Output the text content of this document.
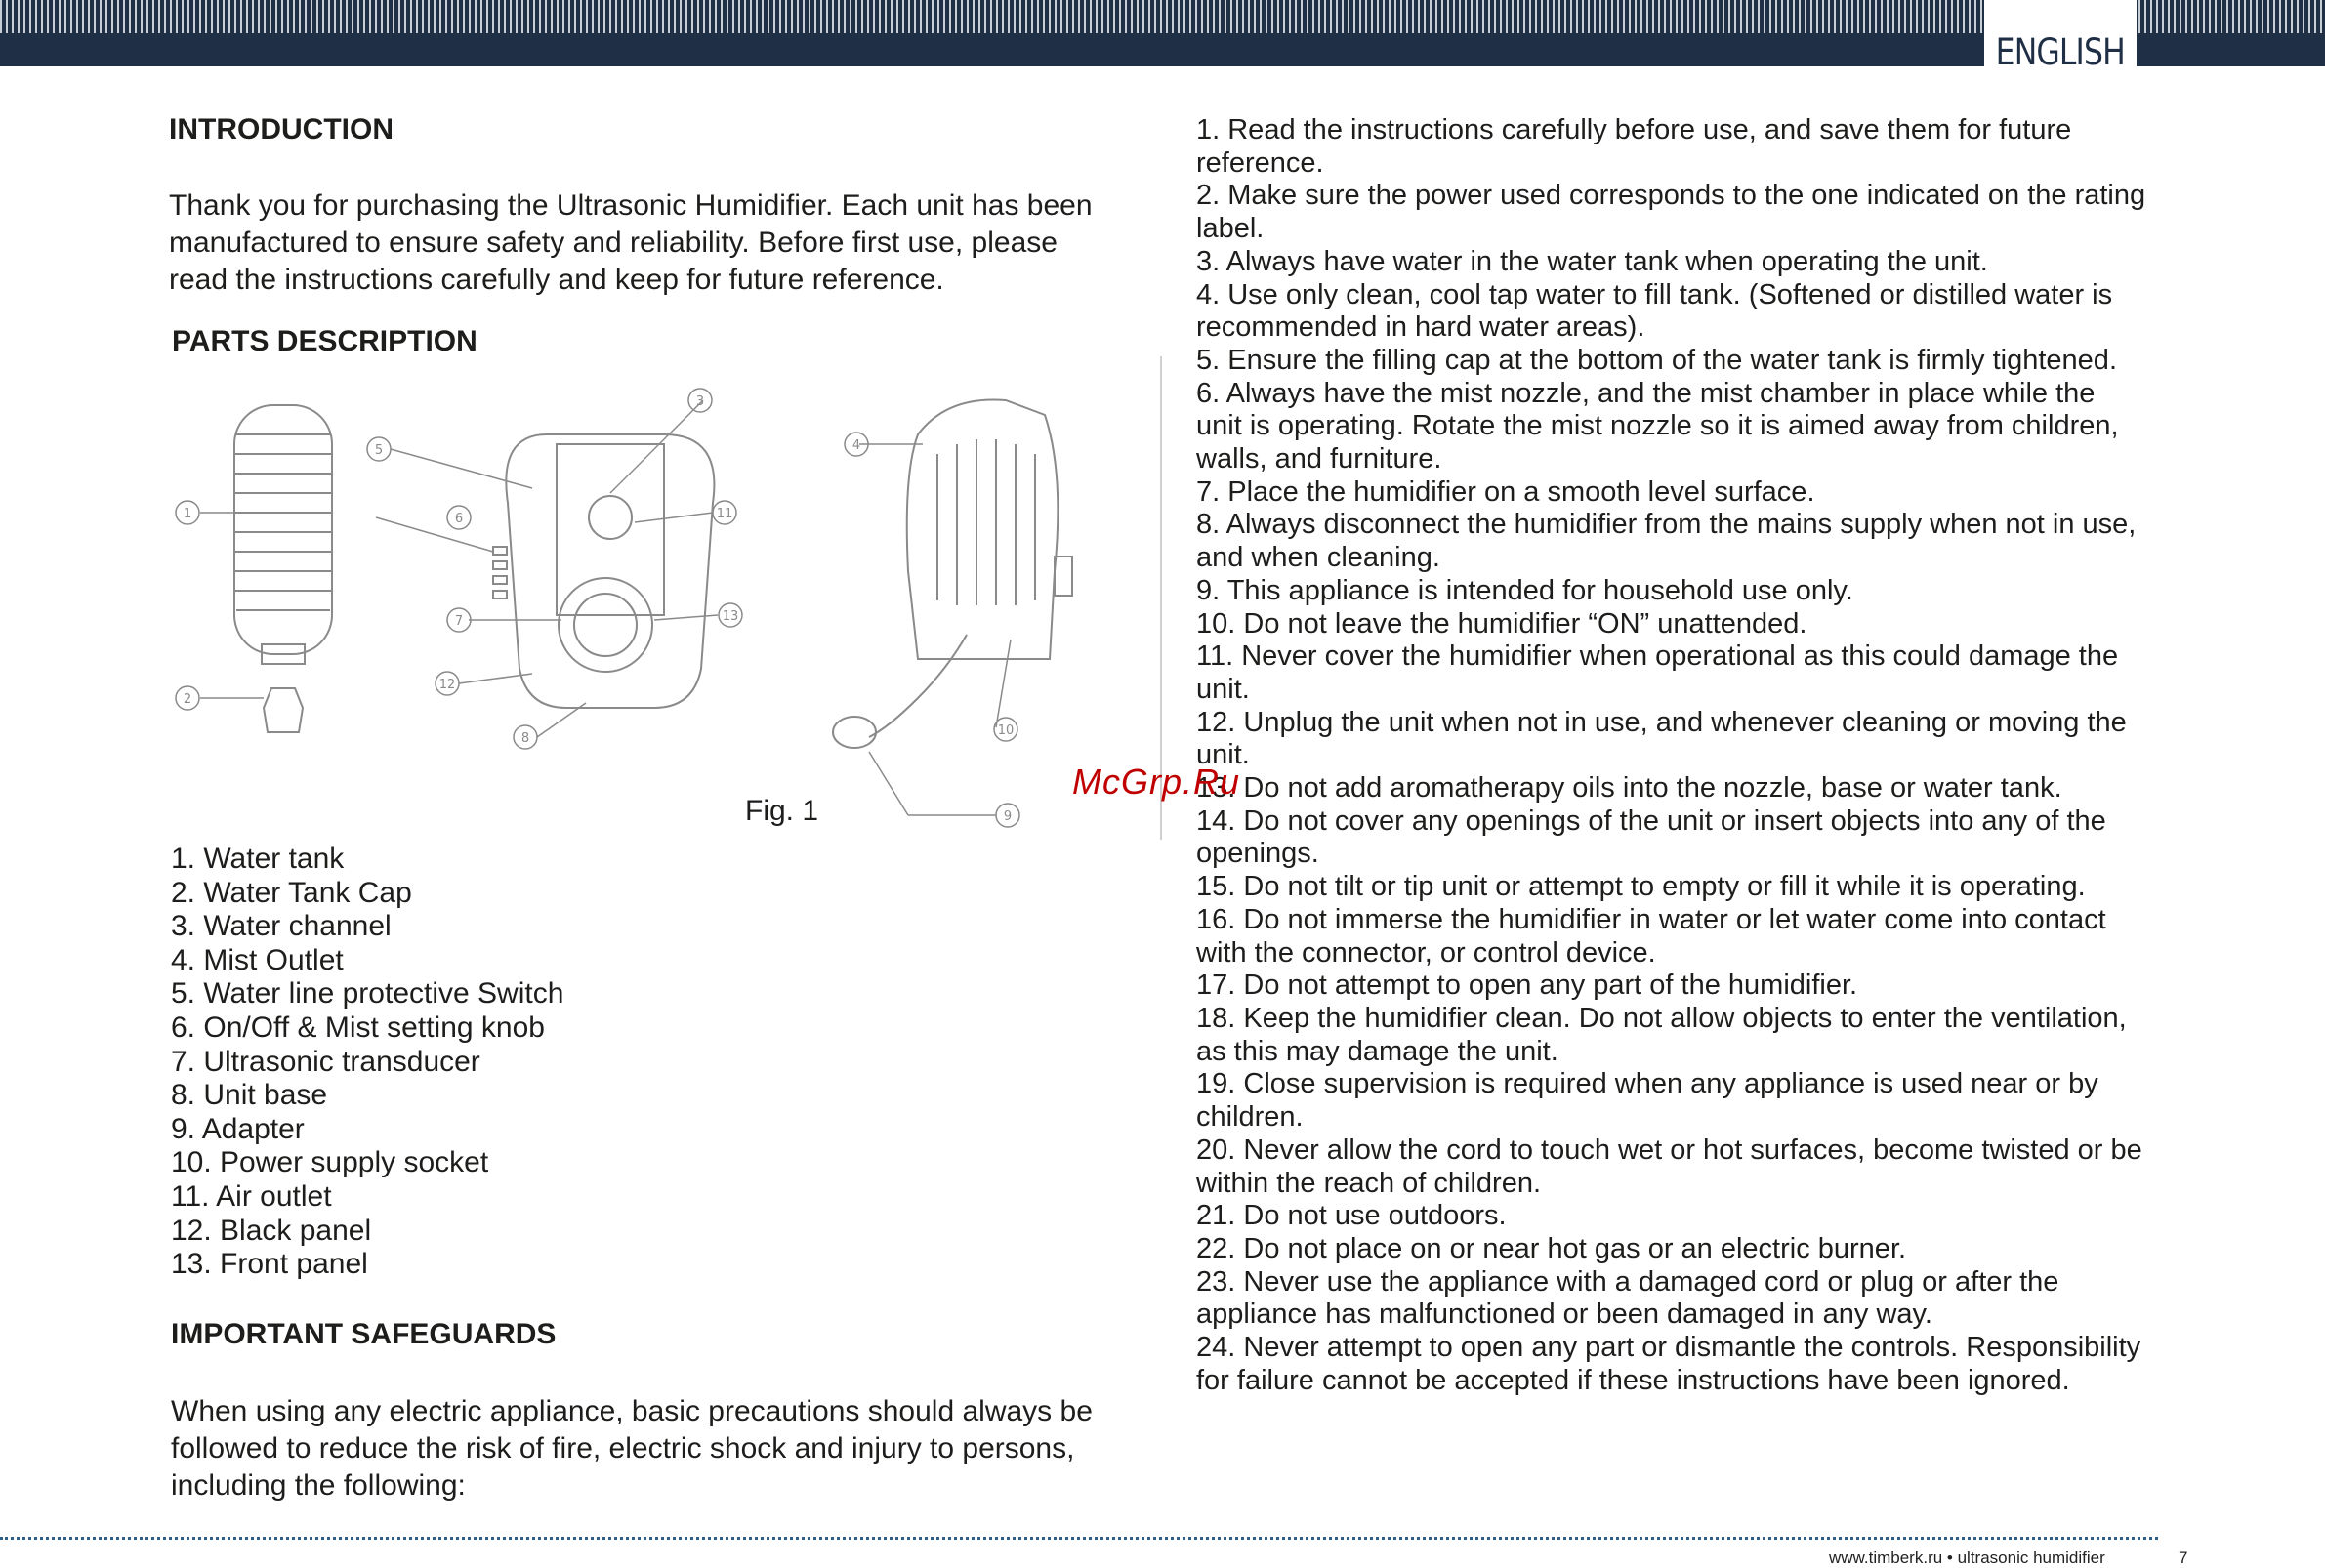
ENGLISH
INTRODUCTION
Thank you for purchasing the Ultrasonic Humidifier. Each unit has been manufactured to ensure safety and reliability. Before first use, please read the instructions carefully and keep for future reference.
PARTS DESCRIPTION
1
2
3
4
5
6
7
8
9
10
11
12
13
Fig. 1
1. Water tank
2. Water Tank Cap
3. Water channel
4. Mist Outlet
5. Water line protective Switch
6. On/Off & Mist setting knob
7. Ultrasonic transducer
8. Unit base
9. Adapter
10. Power supply socket
11. Air outlet
12. Black panel
13. Front panel
IMPORTANT SAFEGUARDS
When using any electric appliance, basic precautions should always be followed to reduce the risk of fire, electric shock and injury to persons, including the following:
1. Read the instructions carefully before use, and save them for future reference.
2. Make sure the power used corresponds to the one indicated on the rating label.
3. Always have water in the water tank when operating the unit.
4. Use only clean, cool tap water to fill tank. (Softened or distilled water is recommended in hard water areas).
5. Ensure the filling cap at the bottom of the water tank is firmly tightened.
6. Always have the mist nozzle, and the mist chamber in place while the unit is operating. Rotate the mist nozzle so it is aimed away from children, walls, and furniture.
7. Place the humidifier on a smooth level surface.
8. Always disconnect the humidifier from the mains supply when not in use, and when cleaning.
9. This appliance is intended for household use only.
10. Do not leave the humidifier “ON” unattended.
11. Never cover the humidifier when operational as this could damage the unit.
12. Unplug the unit when not in use, and whenever cleaning or moving the unit.
13. Do not add aromatherapy oils into the nozzle, base or water tank.
14. Do not cover any openings of the unit or insert objects into any of the openings.
15. Do not tilt or tip unit or attempt to empty or fill it while it is operating.
16. Do not immerse the humidifier in water or let water come into contact with the connector, or control device.
17. Do not attempt to open any part of the humidifier.
18. Keep the humidifier clean. Do not allow objects to enter the ventilation, as this may damage the unit.
19. Close supervision is required when any appliance is used near or by children.
20. Never allow the cord to touch wet or hot surfaces, become twisted or be within the reach of children.
21. Do not use outdoors.
22. Do not place on or near hot gas or an electric burner.
23. Never use the appliance with a damaged cord or plug or after the appliance has malfunctioned or been damaged in any way.
24. Never attempt to open any part or dismantle the controls. Responsibility for failure cannot be accepted if these instructions have been ignored.
McGrp.Ru
www.timberk.ru • ultrasonic humidifier	7
